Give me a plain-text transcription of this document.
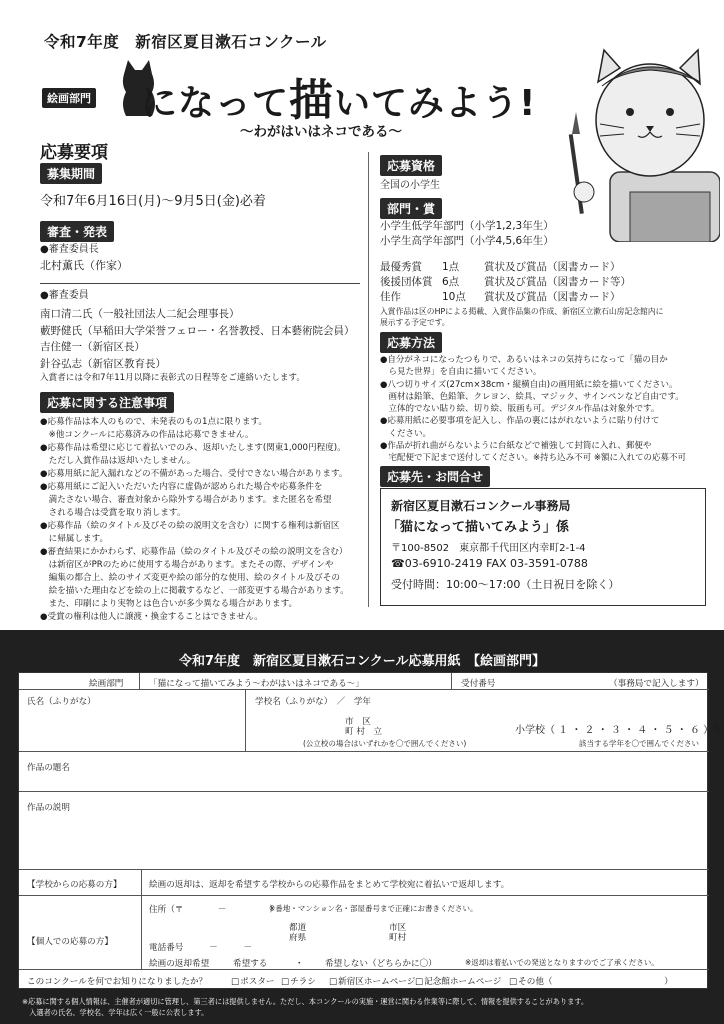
令和7年度　新宿区夏目漱石コンクール
絵画部門	になって描いてみよう!
～わがはいはネコである～
応募要項
募集期間
令和7年6月16日(月)～9月5日(金)必着
審査・発表
●審査委員長
北村薫氏（作家）
●審査委員
南口清二氏（一般社団法人二紀会理事長）
藪野健氏（早稲田大学栄誉フェロー・名誉教授、日本藝術院会員）
吉住健一（新宿区長）
針谷弘志（新宿区教育長）
入賞者には令和7年11月以降に表彰式の日程等をご連絡いたします。
応募に関する注意事項
●応募作品は本人のもので、未発表のもの1点に限ります。
　※他コンクールに応募済みの作品は応募できません。
●応募作品は希望に応じて着払いでのみ、返却いたします(関東1,000円程度)。
　ただし入賞作品は返却いたしません。
●応募用紙に記入漏れなどの不備があった場合、受付できない場合があります。
●応募用紙にご記入いただいた内容に虚偽が認められた場合や応募条件を
　満たさない場合、審査対象から除外する場合があります。また匿名を希望
　される場合は受賞を取り消します。
●応募作品（絵のタイトル及びその絵の説明文を含む）に関する権利は新宿区
　に帰属します。
●審査結果にかかわらず、応募作品（絵のタイトル及びその絵の説明文を含む）
　は新宿区がPRのために使用する場合があります。またその際、デザインや
　編集の都合上、絵のサイズ変更や絵の部分的な使用、絵のタイトル及びその
　絵を描いた理由などを絵の上に掲載するなど、一部変更する場合があります。
　また、印刷により実物とは色合いが多少異なる場合があります。
●受賞の権利は他人に譲渡・換金することはできません。
応募資格
全国の小学生
部門・賞
小学生低学年部門（小学1,2,3年生）
小学生高学年部門（小学4,5,6年生）
最優秀賞	1点	賞状及び賞品（図書カード）
後援団体賞 6点	賞状及び賞品（図書カード等）
佳作	10点	賞状及び賞品（図書カード）
入賞作品は区のHPによる掲載、入賞作品集の作成、新宿区立漱石山房記念館内に
展示する予定です。
応募方法
●自分がネコになったつもりで、あるいはネコの気持ちになって「猫の目か
　ら見た世界」を自由に描いてください。
●八つ切りサイズ(27cm×38cm・縦横自由)の画用紙に絵を描いてください。
　画材は鉛筆、色鉛筆、クレヨン、絵具、マジック、サインペンなど自由です。
　立体的でない貼り絵、切り絵、版画も可。デジタル作品は対象外です。
●応募用紙に必要事項を記入し、作品の裏にはがれないように貼り付けて
　ください。
●作品が折れ曲がらないように台紙などで補強して封筒に入れ、郵便や
　宅配便で下記まで送付してください。※持ち込み不可 ※額に入れての応募不可
応募先・お問合せ
新宿区夏目漱石コンクール事務局
「猫になって描いてみよう」係
〒100-8502　東京都千代田区内幸町2-1-4
☎03-6910-2419 FAX 03-3591-0788
受付時間：10:00～17:00（土日祝日を除く）
令和7年度　新宿区夏目漱石コンクール応募用紙　【絵画部門】
絵画部門	「猫になって描いてみよう～わがはいはネコである～」	受付番号	（事務局で記入します）
氏名（ふりがな）	学校名（ふりがな）　／　学年
市　区
町 村　立
(公立校の場合はいずれかを〇で囲んでください)
小学校（ １ ・ ２ ・ ３ ・ ４ ・ ５ ・ ６ ）年
該当する学年を〇で囲んでください
作品の題名
作品の説明
【学校からの応募の方】	絵画の返却は、返却を希望する学校からの応募作品をまとめて学校宛に着払いで返却します。
【個人での応募の方】
住所（〒　　　　－　　　　　）
※番地・マンション名・部屋番号まで正確にお書きください。
都道
府県
市区
町村
電話番号　　　－　　　－
絵画の返却希望	希望する	・ 希望しない（どちらかに〇）	※返却は着払いでの発送となりますのでご了承ください。
このコンクールを何でお知りになりましたか？	□ ポスター	□ チラシ	□ 新宿区ホームページ	□ 記念館ホームページ	□ その他（　　　　　　　　　　　　　）
※応募に関する個人情報は、主催者が適切に管理し、第三者には提供しません。ただし、本コンクールの実施・運営に関わる作業等に際して、情報を提供することがあります。
　入選者の氏名、学校名、学年は広く一般に公表します。
